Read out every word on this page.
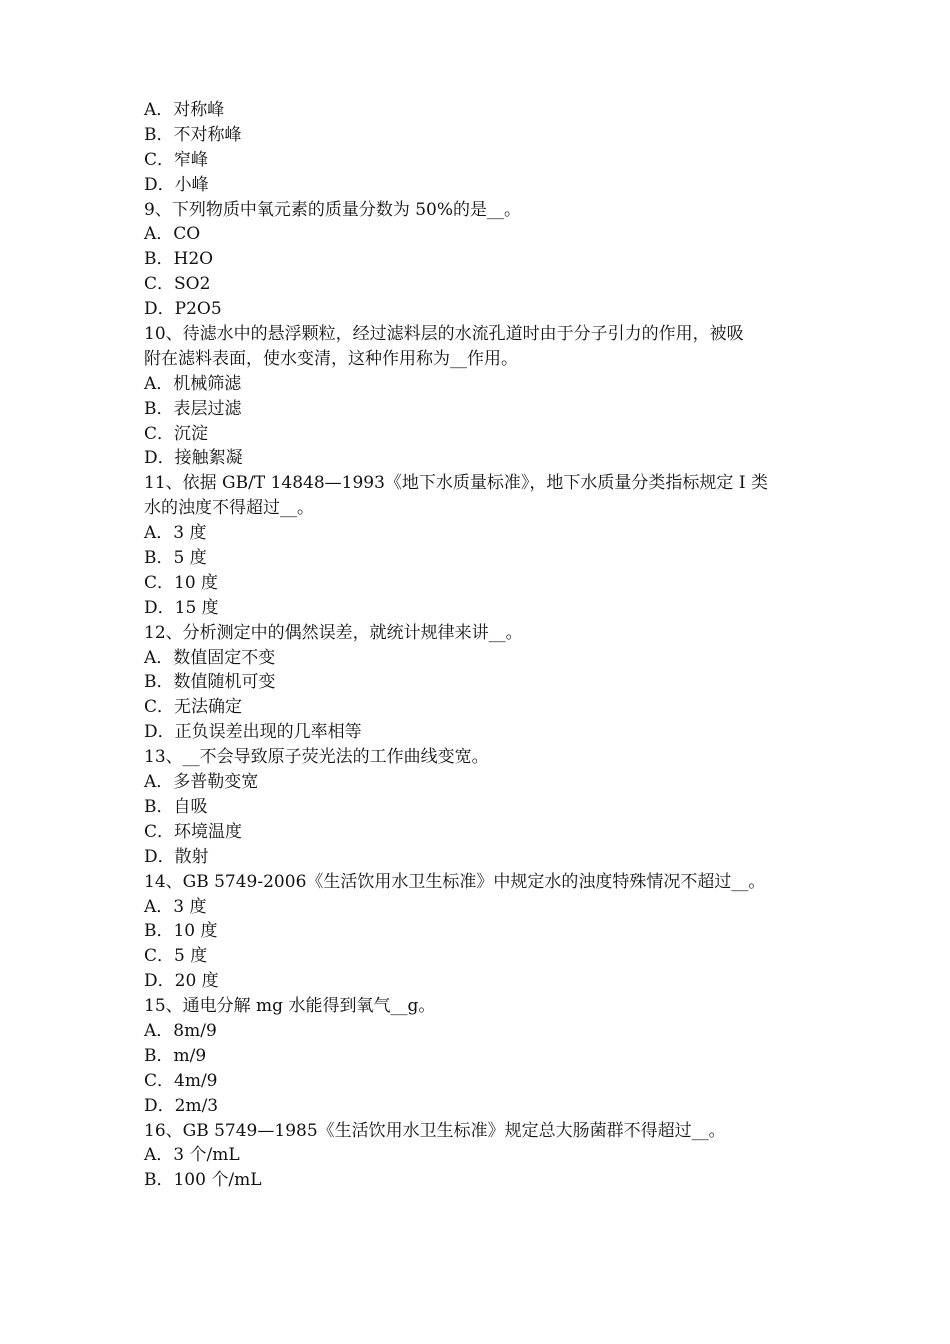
A．对称峰
B．不对称峰
C．窄峰
D．小峰
9、下列物质中氧元素的质量分数为 50%的是__。
A．CO
B．H2O
C．SO2
D．P2O5
10、待滤水中的悬浮颗粒，经过滤料层的水流孔道时由于分子引力的作用，被吸
附在滤料表面，使水变清，这种作用称为__作用。
A．机械筛滤
B．表层过滤
C．沉淀
D．接触絮凝
11、依据 GB/T 14848—1993《地下水质量标准》，地下水质量分类指标规定 Ⅰ 类
水的浊度不得超过__。
A．3 度
B．5 度
C．10 度
D．15 度
12、分析测定中的偶然误差，就统计规律来讲__。
A．数值固定不变
B．数值随机可变
C．无法确定
D．正负误差出现的几率相等
13、__不会导致原子荧光法的工作曲线变宽。
A．多普勒变宽
B．自吸
C．环境温度
D．散射
14、GB 5749-2006《生活饮用水卫生标准》中规定水的浊度特殊情况不超过__。
A．3 度
B．10 度
C．5 度
D．20 度
15、通电分解 mg 水能得到氧气__g。
A．8m/9
B．m/9
C．4m/9
D．2m/3
16、GB 5749—1985《生活饮用水卫生标准》规定总大肠菌群不得超过__。
A．3 个/mL
B．100 个/mL
